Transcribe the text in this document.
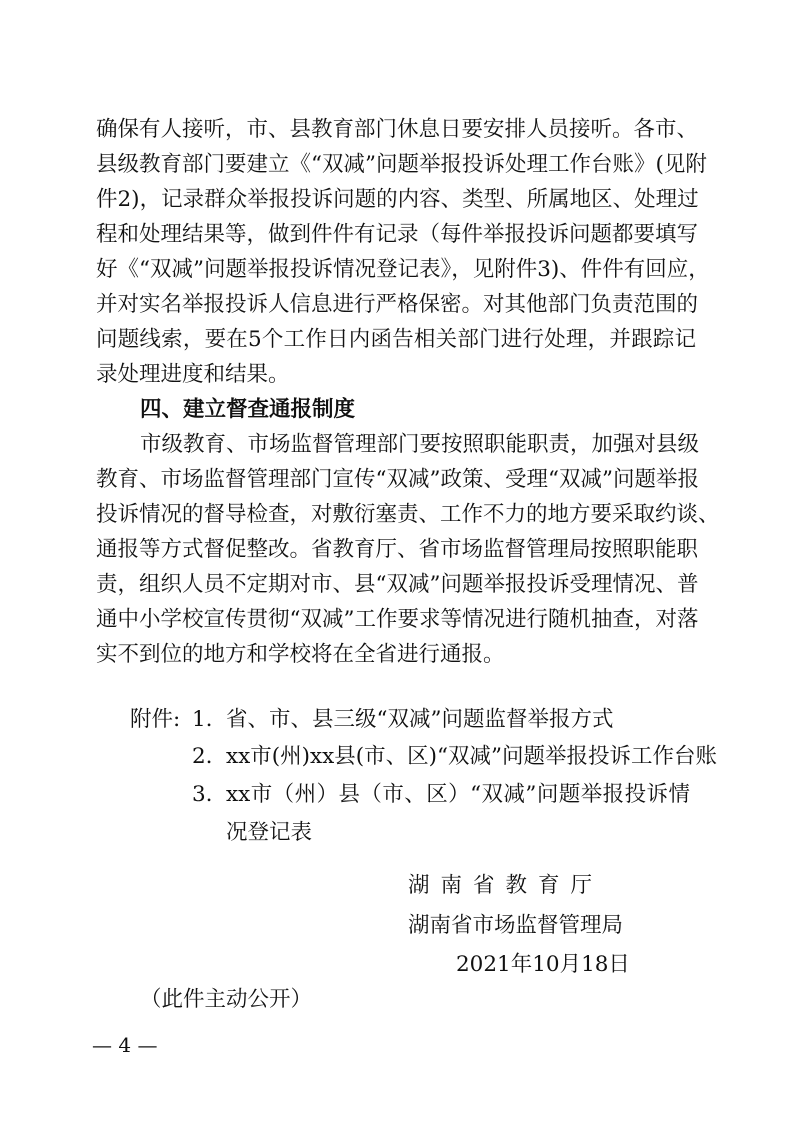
确保有人接听，市、县教育部门休息日要安排人员接听。各市、
县级教育部门要建立《“双减”问题举报投诉处理工作台账》(见附
件2)，记录群众举报投诉问题的内容、类型、所属地区、处理过
程和处理结果等，做到件件有记录（每件举报投诉问题都要填写
好《“双减”问题举报投诉情况登记表》，见附件3)、件件有回应，
并对实名举报投诉人信息进行严格保密。对其他部门负责范围的
问题线索，要在5个工作日内函告相关部门进行处理，并跟踪记
录处理进度和结果。
四、建立督查通报制度
市级教育、市场监督管理部门要按照职能职责，加强对县级
教育、市场监督管理部门宣传“双减”政策、受理“双减”问题举报
投诉情况的督导检查，对敷衍塞责、工作不力的地方要采取约谈、
通报等方式督促整改。省教育厅、省市场监督管理局按照职能职
责，组织人员不定期对市、县“双减”问题举报投诉受理情况、普
通中小学校宣传贯彻“双减”工作要求等情况进行随机抽查，对落
实不到位的地方和学校将在全省进行通报。
附件: 1. 省、市、县三级“双减”问题监督举报方式
2. xx市(州)xx县(市、区)“双减”问题举报投诉工作台账
3. xx市（州）县（市、区）“双减”问题举报投诉情
况登记表
湖南省教育厅
湖南省市场监督管理局
2021年10月18日
（此件主动公开）
— 4 —
